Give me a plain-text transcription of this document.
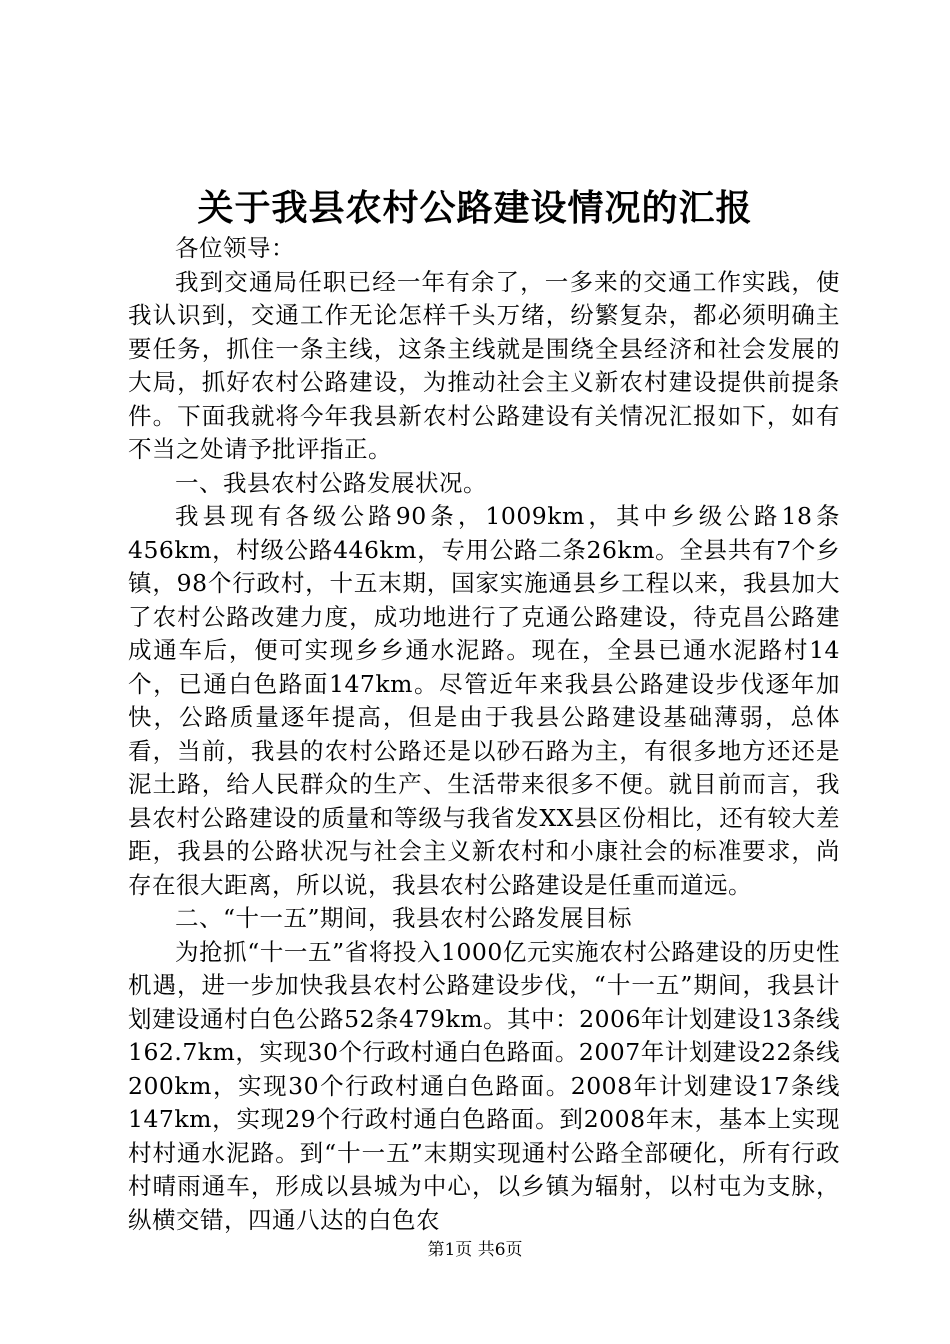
关于我县农村公路建设情况的汇报

各位领导：

我到交通局任职已经一年有余了，一多来的交通工作实践，使我认识到，交通工作无论怎样千头万绪，纷繁复杂，都必须明确主要任务，抓住一条主线，这条主线就是围绕全县经济和社会发展的大局，抓好农村公路建设，为推动社会主义新农村建设提供前提条件。下面我就将今年我县新农村公路建设有关情况汇报如下，如有不当之处请予批评指正。

一、我县农村公路发展状况。

我县现有各级公路90条，1009km，其中乡级公路18条456km，村级公路446km，专用公路二条26km。全县共有7个乡镇，98个行政村，十五末期，国家实施通县乡工程以来，我县加大了农村公路改建力度，成功地进行了克通公路建设，待克昌公路建成通车后，便可实现乡乡通水泥路。现在，全县已通水泥路村14个，已通白色路面147km。尽管近年来我县公路建设步伐逐年加快，公路质量逐年提高，但是由于我县公路建设基础薄弱，总体看，当前，我县的农村公路还是以砂石路为主，有很多地方还还是泥土路，给人民群众的生产、生活带来很多不便。就目前而言，我县农村公路建设的质量和等级与我省发XX县区份相比，还有较大差距，我县的公路状况与社会主义新农村和小康社会的标准要求，尚存在很大距离，所以说，我县农村公路建设是任重而道远。

二、“十一五”期间，我县农村公路发展目标

为抢抓“十一五”省将投入1000亿元实施农村公路建设的历史性机遇，进一步加快我县农村公路建设步伐，“十一五”期间，我县计划建设通村白色公路52条479km。其中：2006年计划建设13条线162.7km，实现30个行政村通白色路面。2007年计划建设22条线200km，实现30个行政村通白色路面。2008年计划建设17条线147km，实现29个行政村通白色路面。到2008年末，基本上实现村村通水泥路。到“十一五”末期实现通村公路全部硬化，所有行政村晴雨通车，形成以县城为中心，以乡镇为辐射，以村屯为支脉，纵横交错，四通八达的白色农

第1页 共6页
